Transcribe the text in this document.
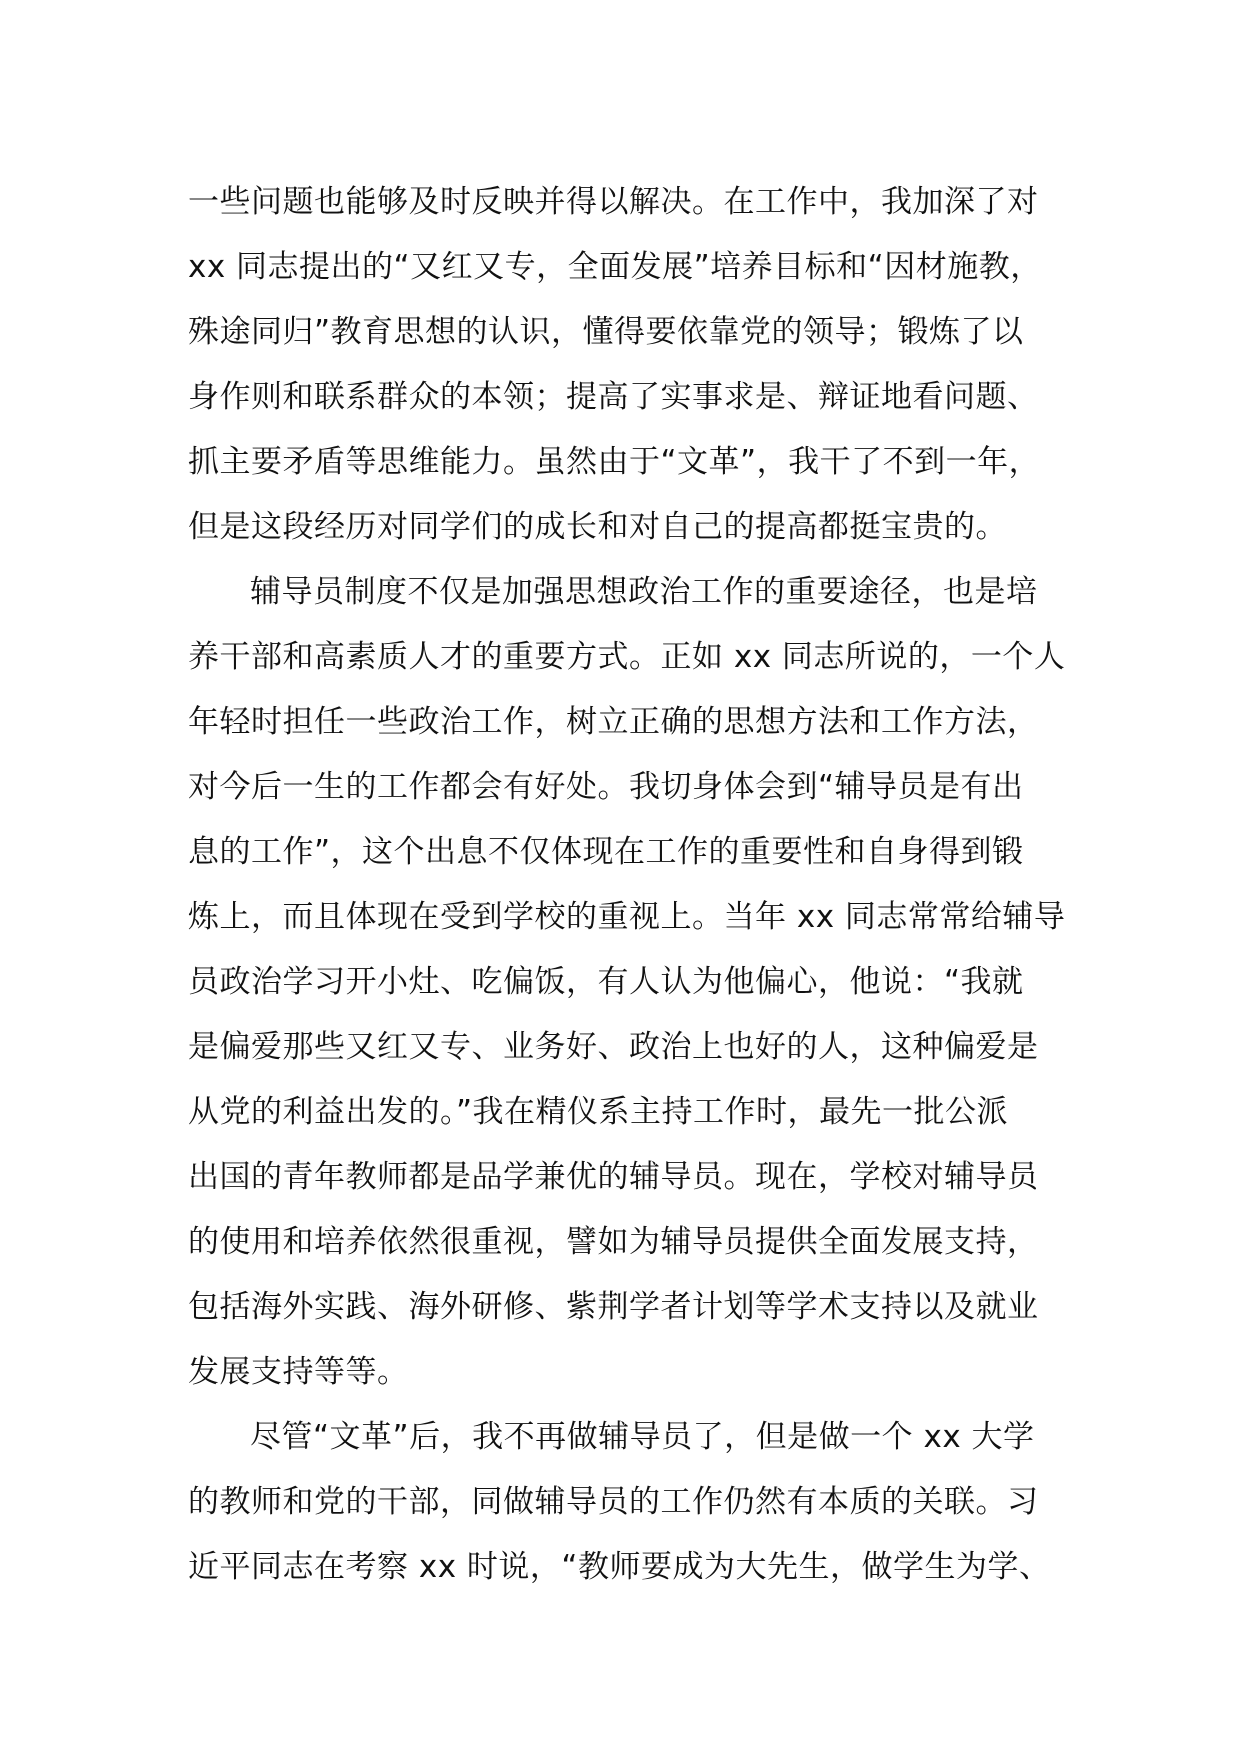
一些问题也能够及时反映并得以解决。在工作中，我加深了对
xx 同志提出的“又红又专，全面发展”培养目标和“因材施教，
殊途同归”教育思想的认识，懂得要依靠党的领导；锻炼了以
身作则和联系群众的本领；提高了实事求是、辩证地看问题、
抓主要矛盾等思维能力。虽然由于“文革”，我干了不到一年，
但是这段经历对同学们的成长和对自己的提高都挺宝贵的。
辅导员制度不仅是加强思想政治工作的重要途径，也是培
养干部和高素质人才的重要方式。正如 xx 同志所说的，一个人
年轻时担任一些政治工作，树立正确的思想方法和工作方法，
对今后一生的工作都会有好处。我切身体会到“辅导员是有出
息的工作”，这个出息不仅体现在工作的重要性和自身得到锻
炼上，而且体现在受到学校的重视上。当年 xx 同志常常给辅导
员政治学习开小灶、吃偏饭，有人认为他偏心，他说：“我就
是偏爱那些又红又专、业务好、政治上也好的人，这种偏爱是
从党的利益出发的。”我在精仪系主持工作时，最先一批公派
出国的青年教师都是品学兼优的辅导员。现在，学校对辅导员
的使用和培养依然很重视，譬如为辅导员提供全面发展支持，
包括海外实践、海外研修、紫荆学者计划等学术支持以及就业
发展支持等等。
尽管“文革”后，我不再做辅导员了，但是做一个 xx 大学
的教师和党的干部，同做辅导员的工作仍然有本质的关联。习
近平同志在考察 xx 时说，“教师要成为大先生，做学生为学、
